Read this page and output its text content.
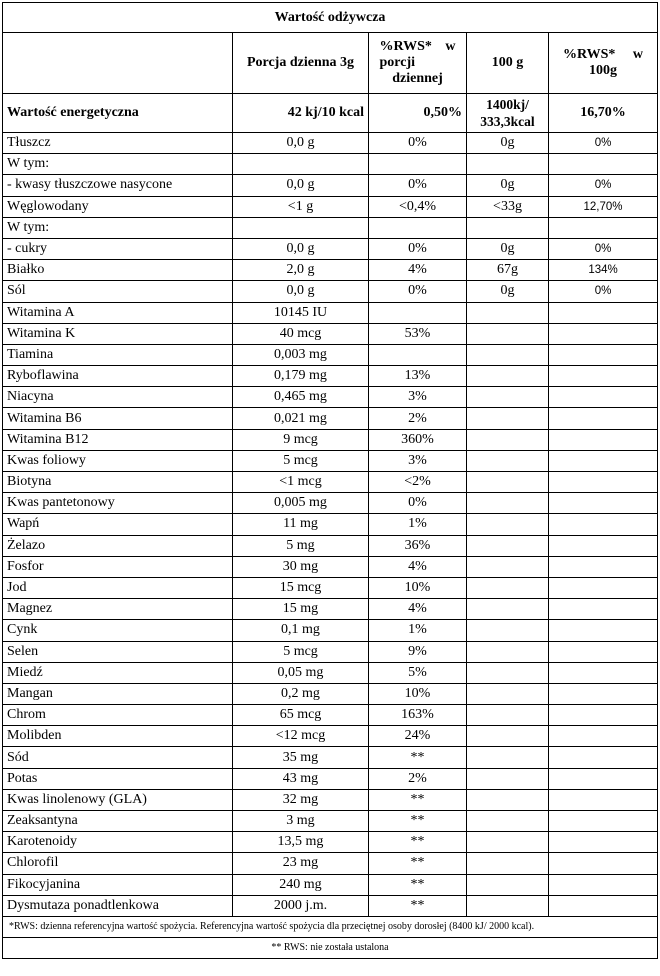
Wartość odżywcza				
	Porcja dzienna 3g	%RWS* w porcji dziennej	100 g	%RWS* w 100g
Wartość energetyczna	42 kj/10 kcal	0,50%	1400kj/ 333,3kcal	16,70%
Tłuszcz	0,0 g	0%	0g	0%
W tym:				
- kwasy tłuszczowe nasycone	0,0 g	0%	0g	0%
Węglowodany	<1 g	<0,4%	<33g	12,70%
W tym:				
- cukry	0,0 g	0%	0g	0%
Białko	2,0 g	4%	67g	134%
Sól	0,0 g	0%	0g	0%
Witamina A	10145 IU			
Witamina K	40 mcg	53%		
Tiamina	0,003 mg			
Ryboflawina	0,179 mg	13%		
Niacyna	0,465 mg	3%		
Witamina B6	0,021 mg	2%		
Witamina B12	9 mcg	360%		
Kwas foliowy	5 mcg	3%		
Biotyna	<1 mcg	<2%		
Kwas pantetonowy	0,005 mg	0%		
Wapń	11 mg	1%		
Żelazo	5 mg	36%		
Fosfor	30 mg	4%		
Jod	15 mcg	10%		
Magnez	15 mg	4%		
Cynk	0,1 mg	1%		
Selen	5 mcg	9%		
Miedź	0,05 mg	5%		
Mangan	0,2 mg	10%		
Chrom	65 mcg	163%		
Molibden	<12 mcg	24%		
Sód	35 mg	**		
Potas	43 mg	2%		
Kwas linolenowy (GLA)	32 mg	**		
Zeaksantyna	3 mg	**		
Karotenoidy	13,5 mg	**		
Chlorofil	23 mg	**		
Fikocyjanina	240 mg	**		
Dysmutaza ponadtlenkowa	2000 j.m.	**		
*RWS: dzienna referencyjna wartość spożycia. Referencyjna wartość spożycia dla przeciętnej osoby dorosłej (8400 kJ/ 2000 kcal).				
** RWS: nie została ustalona				
